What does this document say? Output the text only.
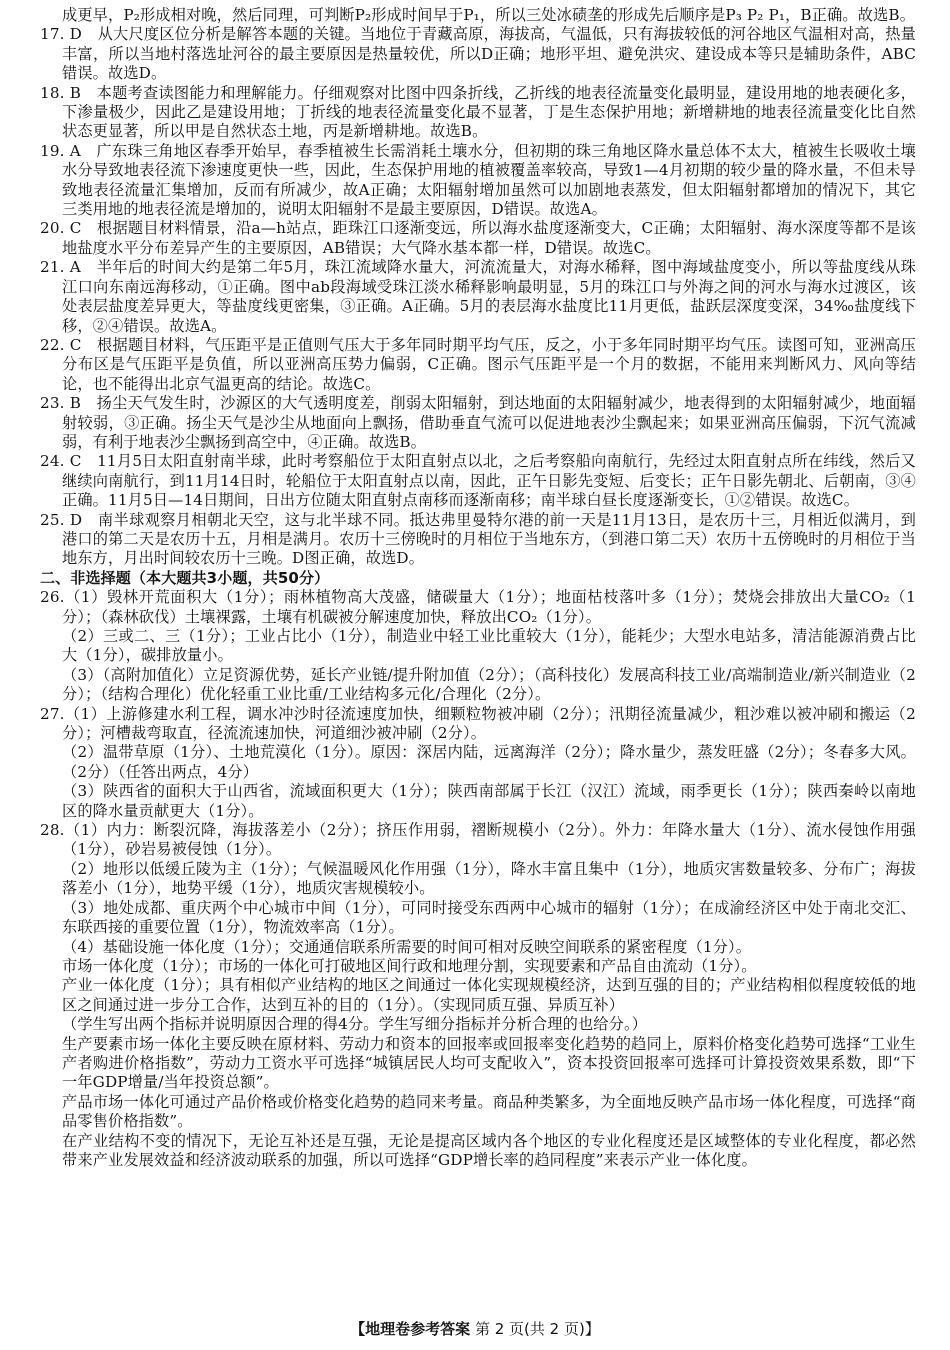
成更早，P₂形成相对晚，然后同理，可判断P₂形成时间早于P₁，所以三处冰碛垄的形成先后顺序是P₃ P₂ P₁，B正确。故选B。

17. D　从大尺度区位分析是解答本题的关键。当地位于青藏高原，海拔高，气温低，只有海拔较低的河谷地区气温相对高，热量丰富，所以当地村落选址河谷的最主要原因是热量较优，所以D正确；地形平坦、避免洪灾、建设成本等只是辅助条件，ABC错误。故选D。

18. B　本题考查读图能力和理解能力。仔细观察对比图中四条折线，乙折线的地表径流量变化最明显，建设用地的地表硬化多，下渗量极少，因此乙是建设用地；丁折线的地表径流量变化最不显著，丁是生态保护用地；新增耕地的地表径流量变化比自然状态更显著，所以甲是自然状态土地，丙是新增耕地。故选B。

19. A　广东珠三角地区春季开始早，春季植被生长需消耗土壤水分，但初期的珠三角地区降水量总体不太大，植被生长吸收土壤水分导致地表径流下渗速度更快一些，因此，生态保护用地的植被覆盖率较高，导致1—4月初期的较少量的降水量，不但未导致地表径流量汇集增加，反而有所减少，故A正确；太阳辐射增加虽然可以加剧地表蒸发，但太阳辐射都增加的情况下，其它三类用地的地表径流是增加的，说明太阳辐射不是最主要原因，D错误。故选A。

20. C　根据题目材料情景，沿a—h站点，距珠江口逐渐变远，所以海水盐度逐渐变大，C正确；太阳辐射、海水深度等都不是该地盐度水平分布差异产生的主要原因，AB错误；大气降水基本都一样，D错误。故选C。

21. A　半年后的时间大约是第二年5月，珠江流域降水量大，河流流量大，对海水稀释，图中海域盐度变小，所以等盐度线从珠江口向东南远海移动，①正确。图中ab段海域受珠江淡水稀释影响最明显，5月的珠江口与外海之间的河水与海水过渡区，该处表层盐度差异更大，等盐度线更密集，③正确。A正确。5月的表层海水盐度比11月更低，盐跃层深度变深，34‰盐度线下移，②④错误。故选A。

22. C　根据题目材料，气压距平是正值则气压大于多年同时期平均气压，反之，小于多年同时期平均气压。读图可知，亚洲高压分布区是气压距平是负值，所以亚洲高压势力偏弱，C正确。图示气压距平是一个月的数据，不能用来判断风力、风向等结论，也不能得出北京气温更高的结论。故选C。

23. B　扬尘天气发生时，沙源区的大气透明度差，削弱太阳辐射，到达地面的太阳辐射减少，地表得到的太阳辐射减少，地面辐射较弱，③正确。扬尘天气是沙尘从地面向上飘扬，借助垂直气流可以促进地表沙尘飘起来；如果亚洲高压偏弱，下沉气流减弱，有利于地表沙尘飘扬到高空中，④正确。故选B。

24. C　11月5日太阳直射南半球，此时考察船位于太阳直射点以北，之后考察船向南航行，先经过太阳直射点所在纬线，然后又继续向南航行，到11月14日时，轮船位于太阳直射点以南，因此，正午日影先变短、后变长；正午日影先朝北、后朝南，③④正确。11月5日—14日期间，日出方位随太阳直射点南移而逐渐南移；南半球白昼长度逐渐变长，①②错误。故选C。

25. D　南半球观察月相朝北天空，这与北半球不同。抵达弗里曼特尔港的前一天是11月13日，是农历十三，月相近似满月，到港口的第二天是农历十五，月相是满月。农历十三傍晚时的月相位于当地东方，（到港口第二天）农历十五傍晚时的月相位于当地东方，月出时间较农历十三晚。D图正确，故选D。

二、非选择题（本大题共3小题，共50分）

26.（1）毁林开荒面积大（1分）；雨林植物高大茂盛，储碳量大（1分）；地面枯枝落叶多（1分）；焚烧会排放出大量CO₂（1分）；（森林砍伐）土壤裸露，土壤有机碳被分解速度加快，释放出CO₂（1分）。

（2）三或二、三（1分）；工业占比小（1分），制造业中轻工业比重较大（1分），能耗少；大型水电站多，清洁能源消费占比大（1分），碳排放量小。

（3）（高附加值化）立足资源优势，延长产业链/提升附加值（2分）；（高科技化）发展高科技工业/高端制造业/新兴制造业（2分）；（结构合理化）优化轻重工业比重/工业结构多元化/合理化（2分）。

27.（1）上游修建水利工程，调水冲沙时径流速度加快，细颗粒物被冲刷（2分）；汛期径流量减少，粗沙难以被冲刷和搬运（2分）；河槽裁弯取直，径流流速加快，河道细沙被冲刷（2分）。

（2）温带草原（1分）、土地荒漠化（1分）。原因：深居内陆，远离海洋（2分）；降水量少，蒸发旺盛（2分）；冬春多大风。（2分）（任答出两点，4分）

（3）陕西省的面积大于山西省，流域面积更大（1分）；陕西南部属于长江（汉江）流域，雨季更长（1分）；陕西秦岭以南地区的降水量贡献更大（1分）。

28.（1）内力：断裂沉降，海拔落差小（2分）；挤压作用弱，褶断规模小（2分）。外力：年降水量大（1分）、流水侵蚀作用强（1分），砂岩易被侵蚀（1分）。

（2）地形以低缓丘陵为主（1分）；气候温暖风化作用强（1分），降水丰富且集中（1分），地质灾害数量较多、分布广；海拔落差小（1分），地势平缓（1分），地质灾害规模较小。

（3）地处成都、重庆两个中心城市中间（1分），可同时接受东西两中心城市的辐射（1分）；在成渝经济区中处于南北交汇、东联西接的重要位置（1分），物流效率高（1分）。

（4）基础设施一体化度（1分）；交通通信联系所需要的时间可相对反映空间联系的紧密程度（1分）。

市场一体化度（1分）；市场的一体化可打破地区间行政和地理分割，实现要素和产品自由流动（1分）。

产业一体化度（1分）；具有相似产业结构的地区之间通过一体化实现规模经济，达到互强的目的；产业结构相似程度较低的地区之间通过进一步分工合作，达到互补的目的（1分）。（实现同质互强、异质互补）

（学生写出两个指标并说明原因合理的得4分。学生写细分指标并分析合理的也给分。）

生产要素市场一体化主要反映在原材料、劳动力和资本的回报率或回报率变化趋势的趋同上，原料价格变化趋势可选择“工业生产者购进价格指数”，劳动力工资水平可选择“城镇居民人均可支配收入”，资本投资回报率可选择可计算投资效果系数，即“下一年GDP增量/当年投资总额”。

产品市场一体化可通过产品价格或价格变化趋势的趋同来考量。商品种类繁多，为全面地反映产品市场一体化程度，可选择“商品零售价格指数”。

在产业结构不变的情况下，无论互补还是互强，无论是提高区域内各个地区的专业化程度还是区域整体的专业化程度，都必然带来产业发展效益和经济波动联系的加强，所以可选择“GDP增长率的趋同程度”来表示产业一体化度。

【地理卷参考答案 第 2 页(共 2 页)】
